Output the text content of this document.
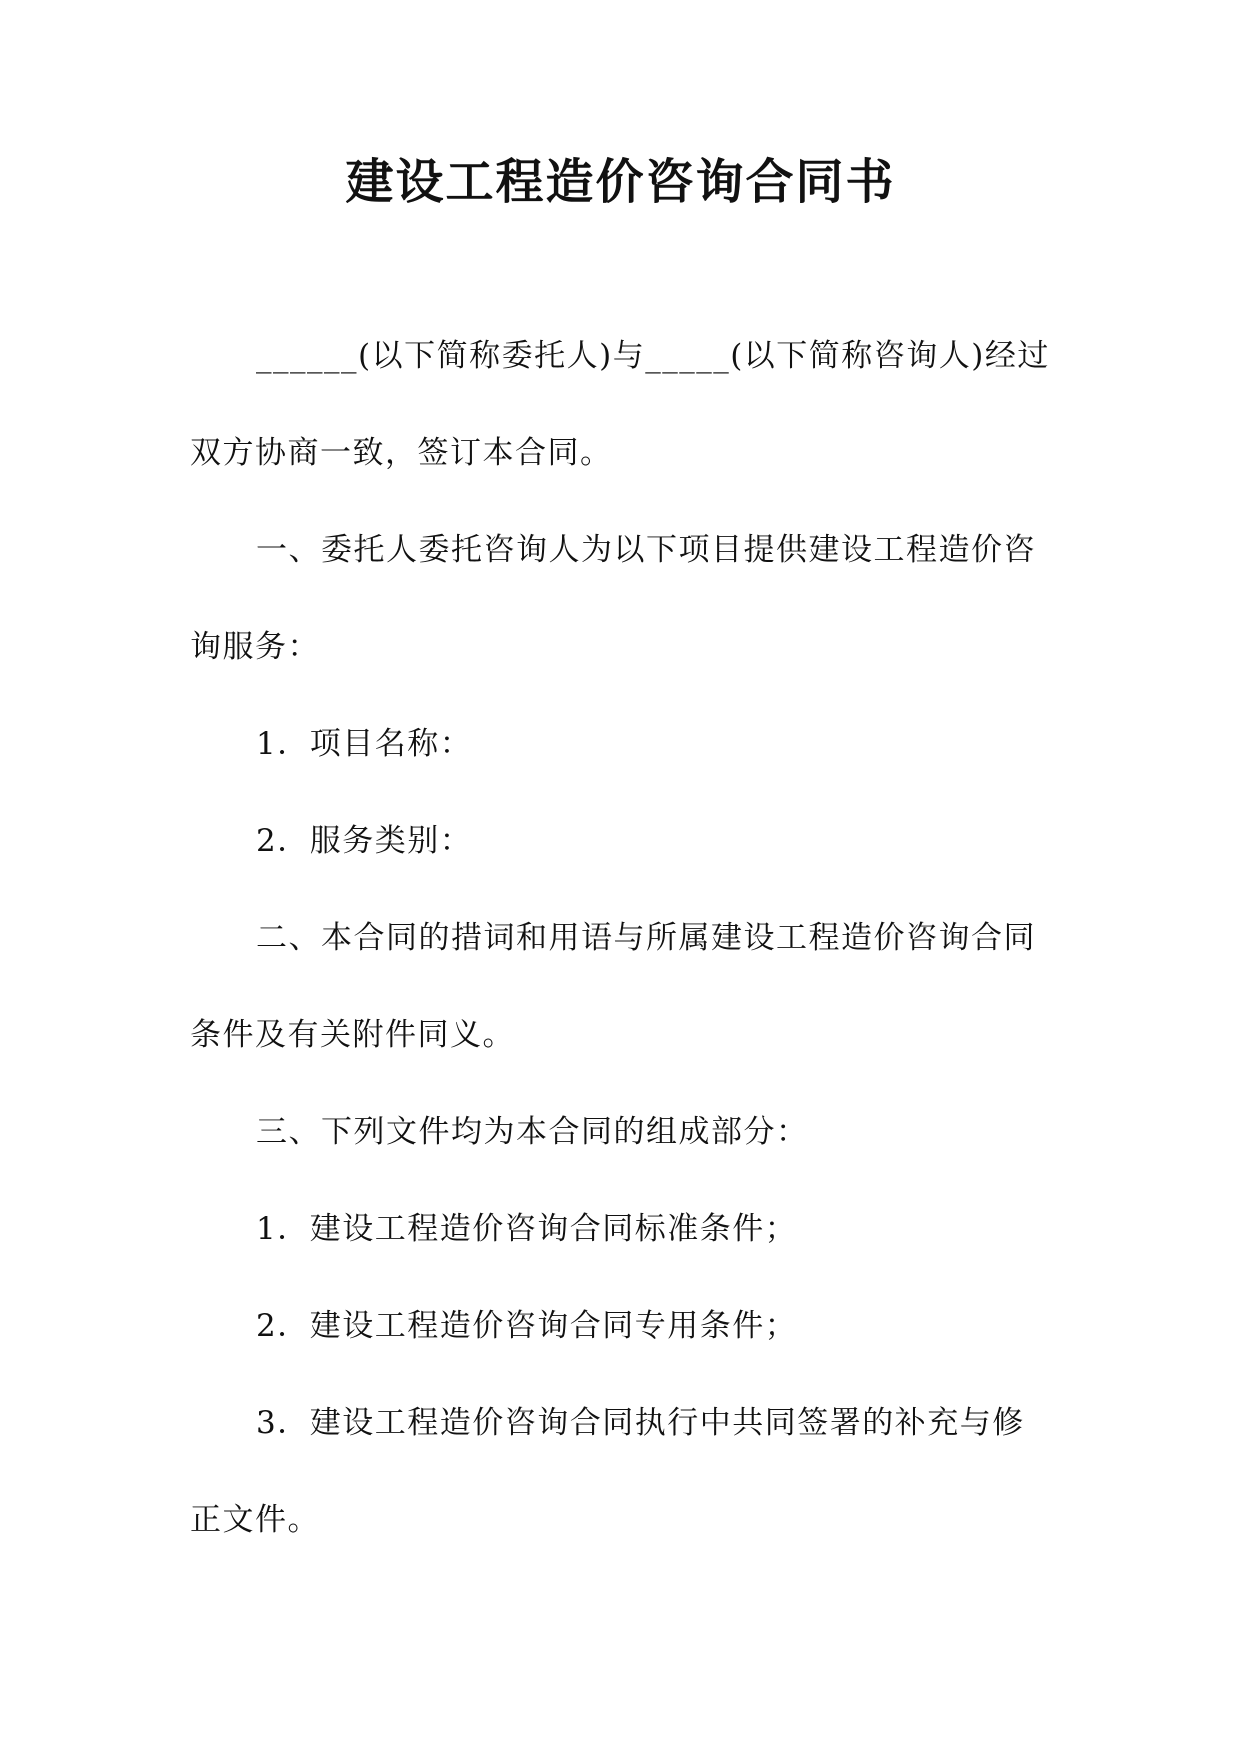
建设工程造价咨询合同书

______(以下简称委托人)与_____(以下简称咨询人)经过双方协商一致，签订本合同。

一、委托人委托咨询人为以下项目提供建设工程造价咨询服务：

1．项目名称：

2．服务类别：

二、本合同的措词和用语与所属建设工程造价咨询合同条件及有关附件同义。

三、下列文件均为本合同的组成部分：

1．建设工程造价咨询合同标准条件；

2．建设工程造价咨询合同专用条件；

3．建设工程造价咨询合同执行中共同签署的补充与修正文件。
